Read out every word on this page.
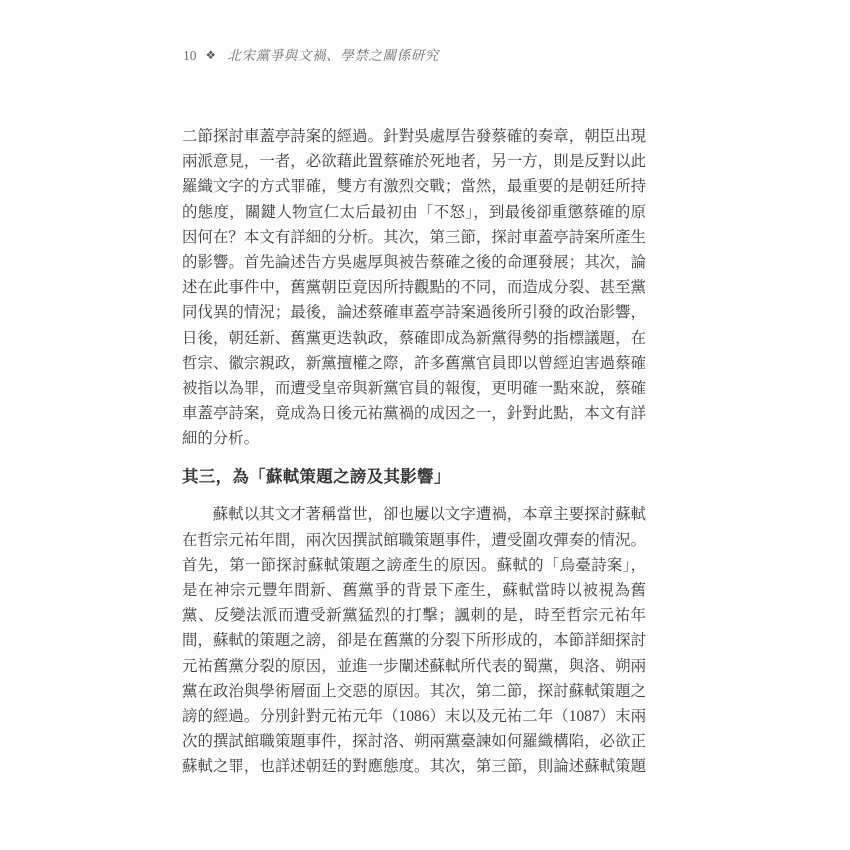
10 ❖ 北宋黨爭與文禍、學禁之關係研究
二節探討車蓋亭詩案的經過。針對吳處厚告發蔡確的奏章，朝臣出現
兩派意見，一者，必欲藉此置蔡確於死地者，另一方，則是反對以此
羅織文字的方式罪確，雙方有激烈交戰；當然，最重要的是朝廷所持
的態度，關鍵人物宣仁太后最初由「不怒」，到最後卻重懲蔡確的原
因何在？本文有詳細的分析。其次，第三節，探討車蓋亭詩案所產生
的影響。首先論述告方吳處厚與被告蔡確之後的命運發展；其次，論
述在此事件中，舊黨朝臣竟因所持觀點的不同，而造成分裂、甚至黨
同伐異的情況；最後，論述蔡確車蓋亭詩案過後所引發的政治影響，
日後，朝廷新、舊黨更迭執政，蔡確即成為新黨得勢的指標議題，在
哲宗、徽宗親政，新黨擅權之際，許多舊黨官員即以曾經迫害過蔡確
被指以為罪，而遭受皇帝與新黨官員的報復，更明確一點來說，蔡確
車蓋亭詩案，竟成為日後元祐黨禍的成因之一，針對此點，本文有詳
細的分析。
其三，為「蘇軾策題之謗及其影響」
蘇軾以其文才著稱當世，卻也屢以文字遭禍，本章主要探討蘇軾
在哲宗元祐年間，兩次因撰試館職策題事件，遭受圍攻彈奏的情況。
首先，第一節探討蘇軾策題之謗產生的原因。蘇軾的「烏臺詩案」，
是在神宗元豐年間新、舊黨爭的背景下產生，蘇軾當時以被視為舊
黨、反變法派而遭受新黨猛烈的打擊；諷刺的是，時至哲宗元祐年
間，蘇軾的策題之謗，卻是在舊黨的分裂下所形成的，本節詳細探討
元祐舊黨分裂的原因，並進一步闡述蘇軾所代表的蜀黨，與洛、朔兩
黨在政治與學術層面上交惡的原因。其次，第二節，探討蘇軾策題之
謗的經過。分別針對元祐元年（1086）末以及元祐二年（1087）末兩
次的撰試館職策題事件，探討洛、朔兩黨臺諫如何羅織構陷，必欲正
蘇軾之罪，也詳述朝廷的對應態度。其次，第三節，則論述蘇軾策題
